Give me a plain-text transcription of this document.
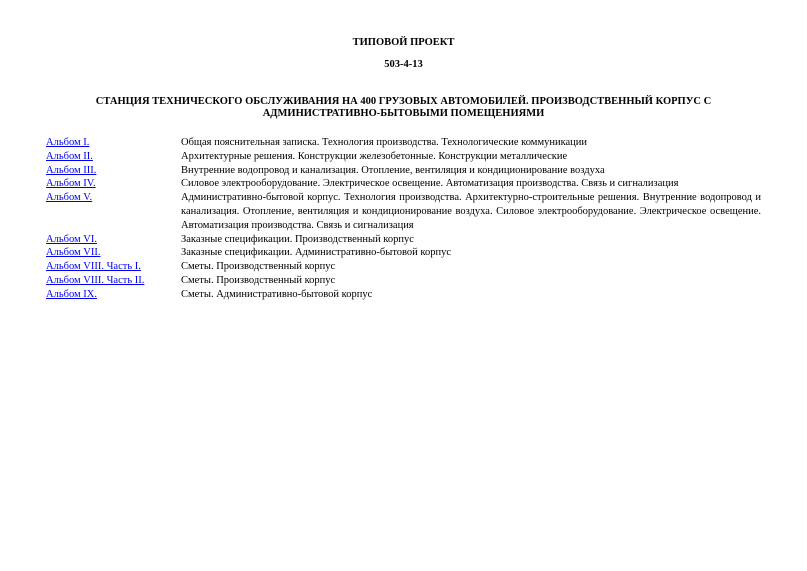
ТИПОВОЙ ПРОЕКТ
503-4-13
СТАНЦИЯ ТЕХНИЧЕСКОГО ОБСЛУЖИВАНИЯ НА 400 ГРУЗОВЫХ АВТОМОБИЛЕЙ. ПРОИЗВОДСТВЕННЫЙ КОРПУС С АДМИНИСТРАТИВНО-БЫТОВЫМИ ПОМЕЩЕНИЯМИ
Альбом I.	Общая пояснительная записка. Технология производства. Технологические коммуникации
Альбом II.	Архитектурные решения. Конструкции железобетонные. Конструкции металлические
Альбом III.	Внутренние водопровод и канализация. Отопление, вентиляция и кондиционирование воздуха
Альбом IV.	Силовое электрооборудование. Электрическое освещение. Автоматизация производства. Связь и сигнализация
Альбом V.	Административно-бытовой корпус. Технология производства. Архитектурно-строительные решения. Внутренние водопровод и канализация. Отопление, вентиляция и кондиционирование воздуха. Силовое электрооборудование. Электрическое освещение. Автоматизация производства. Связь и сигнализация
Альбом VI.	Заказные спецификации. Производственный корпус
Альбом VII.	Заказные спецификации. Административно-бытовой корпус
Альбом VIII. Часть I.	Сметы. Производственный корпус
Альбом VIII. Часть II.	Сметы. Производственный корпус
Альбом IX.	Сметы. Административно-бытовой корпус
